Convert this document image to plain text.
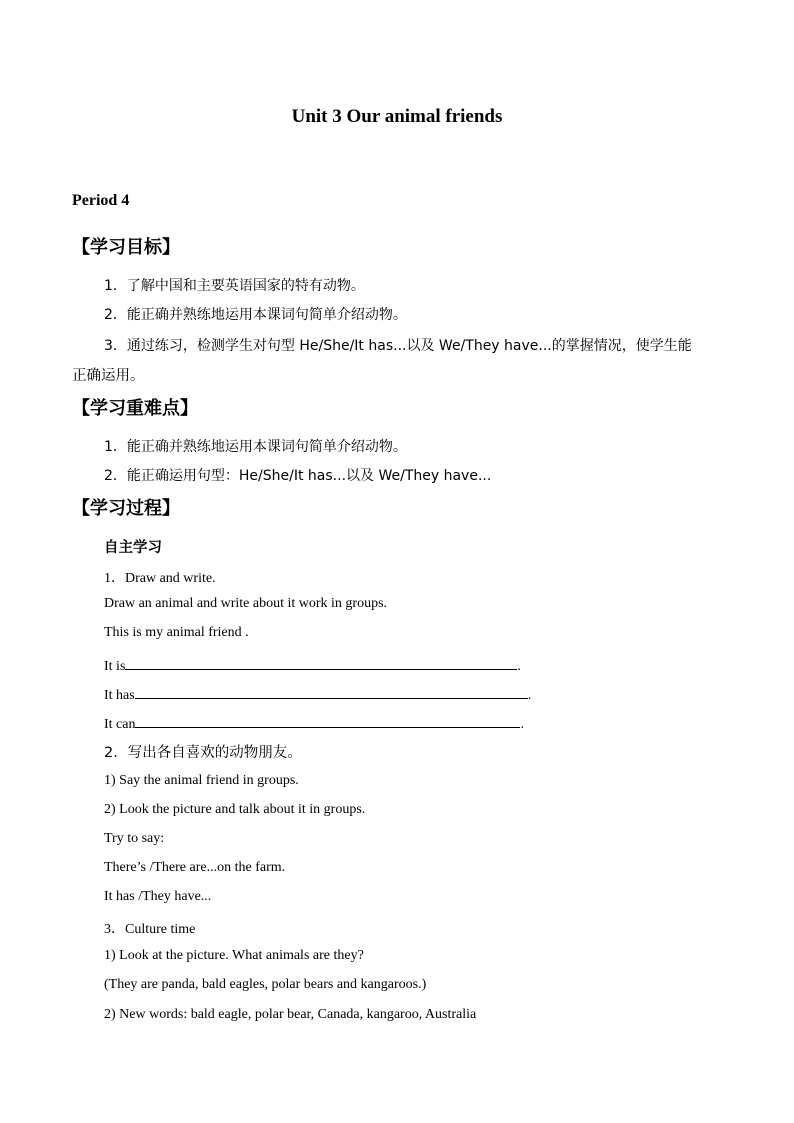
Unit 3 Our animal friends
Period 4
【学习目标】
1．了解中国和主要英语国家的特有动物。
2．能正确并熟练地运用本课词句简单介绍动物。
3．通过练习，检测学生对句型 He/She/It has...以及 We/They have...的掌握情况，使学生能
正确运用。
【学习重难点】
1．能正确并熟练地运用本课词句简单介绍动物。
2．能正确运用句型：He/She/It has...以及 We/They have...
【学习过程】
自主学习
1．Draw and write.
Draw an animal and write about it work in groups.
This is my animal friend .
It is	.
It has	.
It can	.
2．写出各自喜欢的动物朋友。
1) Say the animal friend in groups.
2) Look the picture and talk about it in groups.
Try to say:
There’s /There are...on the farm.
It has /They have...
3．Culture time
1) Look at the picture. What animals are they?
(They are panda, bald eagles, polar bears and kangaroos.)
2) New words: bald eagle, polar bear, Canada, kangaroo, Australia
